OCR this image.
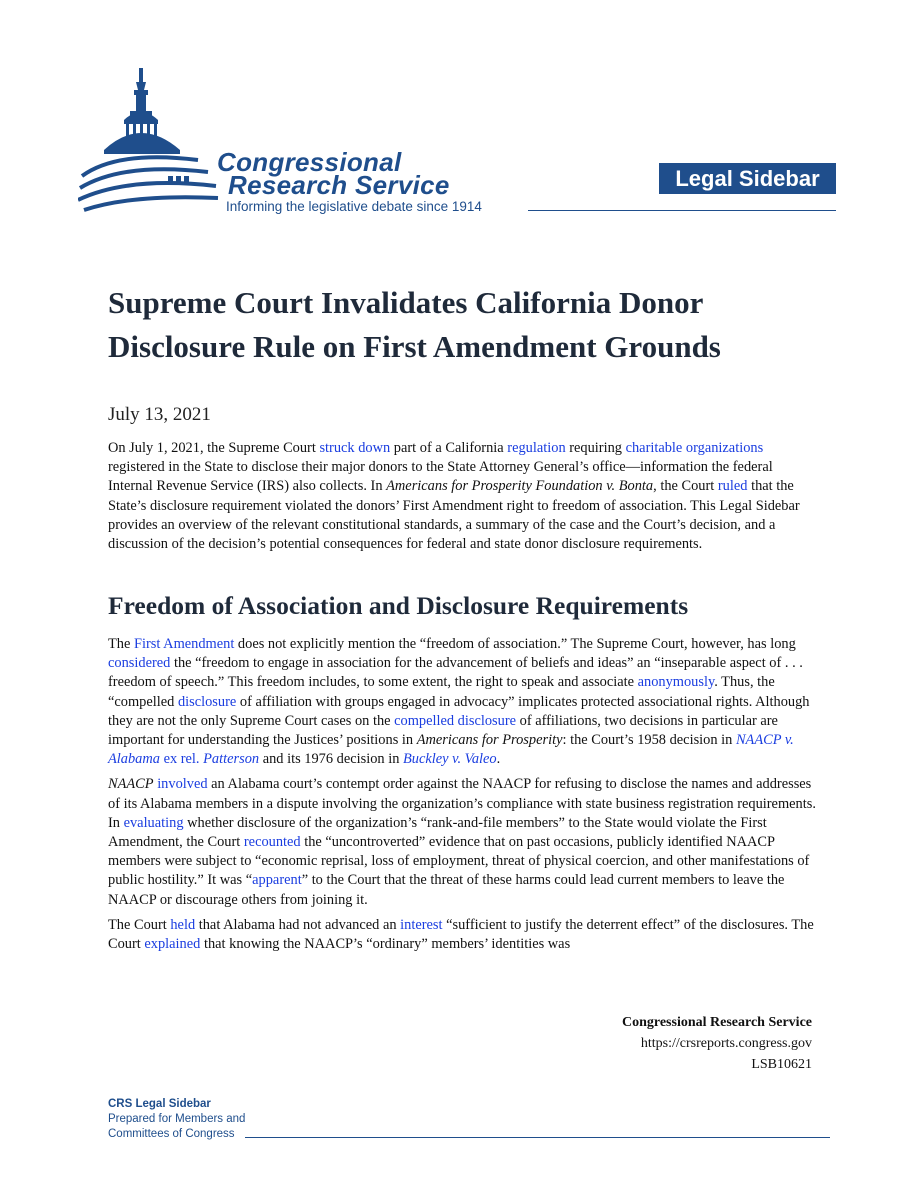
Congressional
Research Service
Informing the legislative debate since 1914
Legal Sidebar
Supreme Court Invalidates California Donor Disclosure Rule on First Amendment Grounds
July 13, 2021

On July 1, 2021, the Supreme Court struck down part of a California regulation requiring charitable organizations registered in the State to disclose their major donors to the State Attorney General’s office—information the federal Internal Revenue Service (IRS) also collects. In Americans for Prosperity Foundation v. Bonta, the Court ruled that the State’s disclosure requirement violated the donors’ First Amendment right to freedom of association. This Legal Sidebar provides an overview of the relevant constitutional standards, a summary of the case and the Court’s decision, and a discussion of the decision’s potential consequences for federal and state donor disclosure requirements.

Freedom of Association and Disclosure Requirements

The First Amendment does not explicitly mention the “freedom of association.” The Supreme Court, however, has long considered the “freedom to engage in association for the advancement of beliefs and ideas” an “inseparable aspect of . . . freedom of speech.” This freedom includes, to some extent, the right to speak and associate anonymously. Thus, the “compelled disclosure of affiliation with groups engaged in advocacy” implicates protected associational rights. Although they are not the only Supreme Court cases on the compelled disclosure of affiliations, two decisions in particular are important for understanding the Justices’ positions in Americans for Prosperity: the Court’s 1958 decision in NAACP v. Alabama ex rel. Patterson and its 1976 decision in Buckley v. Valeo.

NAACP involved an Alabama court’s contempt order against the NAACP for refusing to disclose the names and addresses of its Alabama members in a dispute involving the organization’s compliance with state business registration requirements. In evaluating whether disclosure of the organization’s “rank-and-file members” to the State would violate the First Amendment, the Court recounted the “uncontroverted” evidence that on past occasions, publicly identified NAACP members were subject to “economic reprisal, loss of employment, threat of physical coercion, and other manifestations of public hostility.” It was “apparent” to the Court that the threat of these harms could lead current members to leave the NAACP or discourage others from joining it.

The Court held that Alabama had not advanced an interest “sufficient to justify the deterrent effect” of the disclosures. The Court explained that knowing the NAACP’s “ordinary” members’ identities was

Congressional Research Service
https://crsreports.congress.gov
LSB10621
CRS Legal Sidebar
Prepared for Members and
Committees of Congress
